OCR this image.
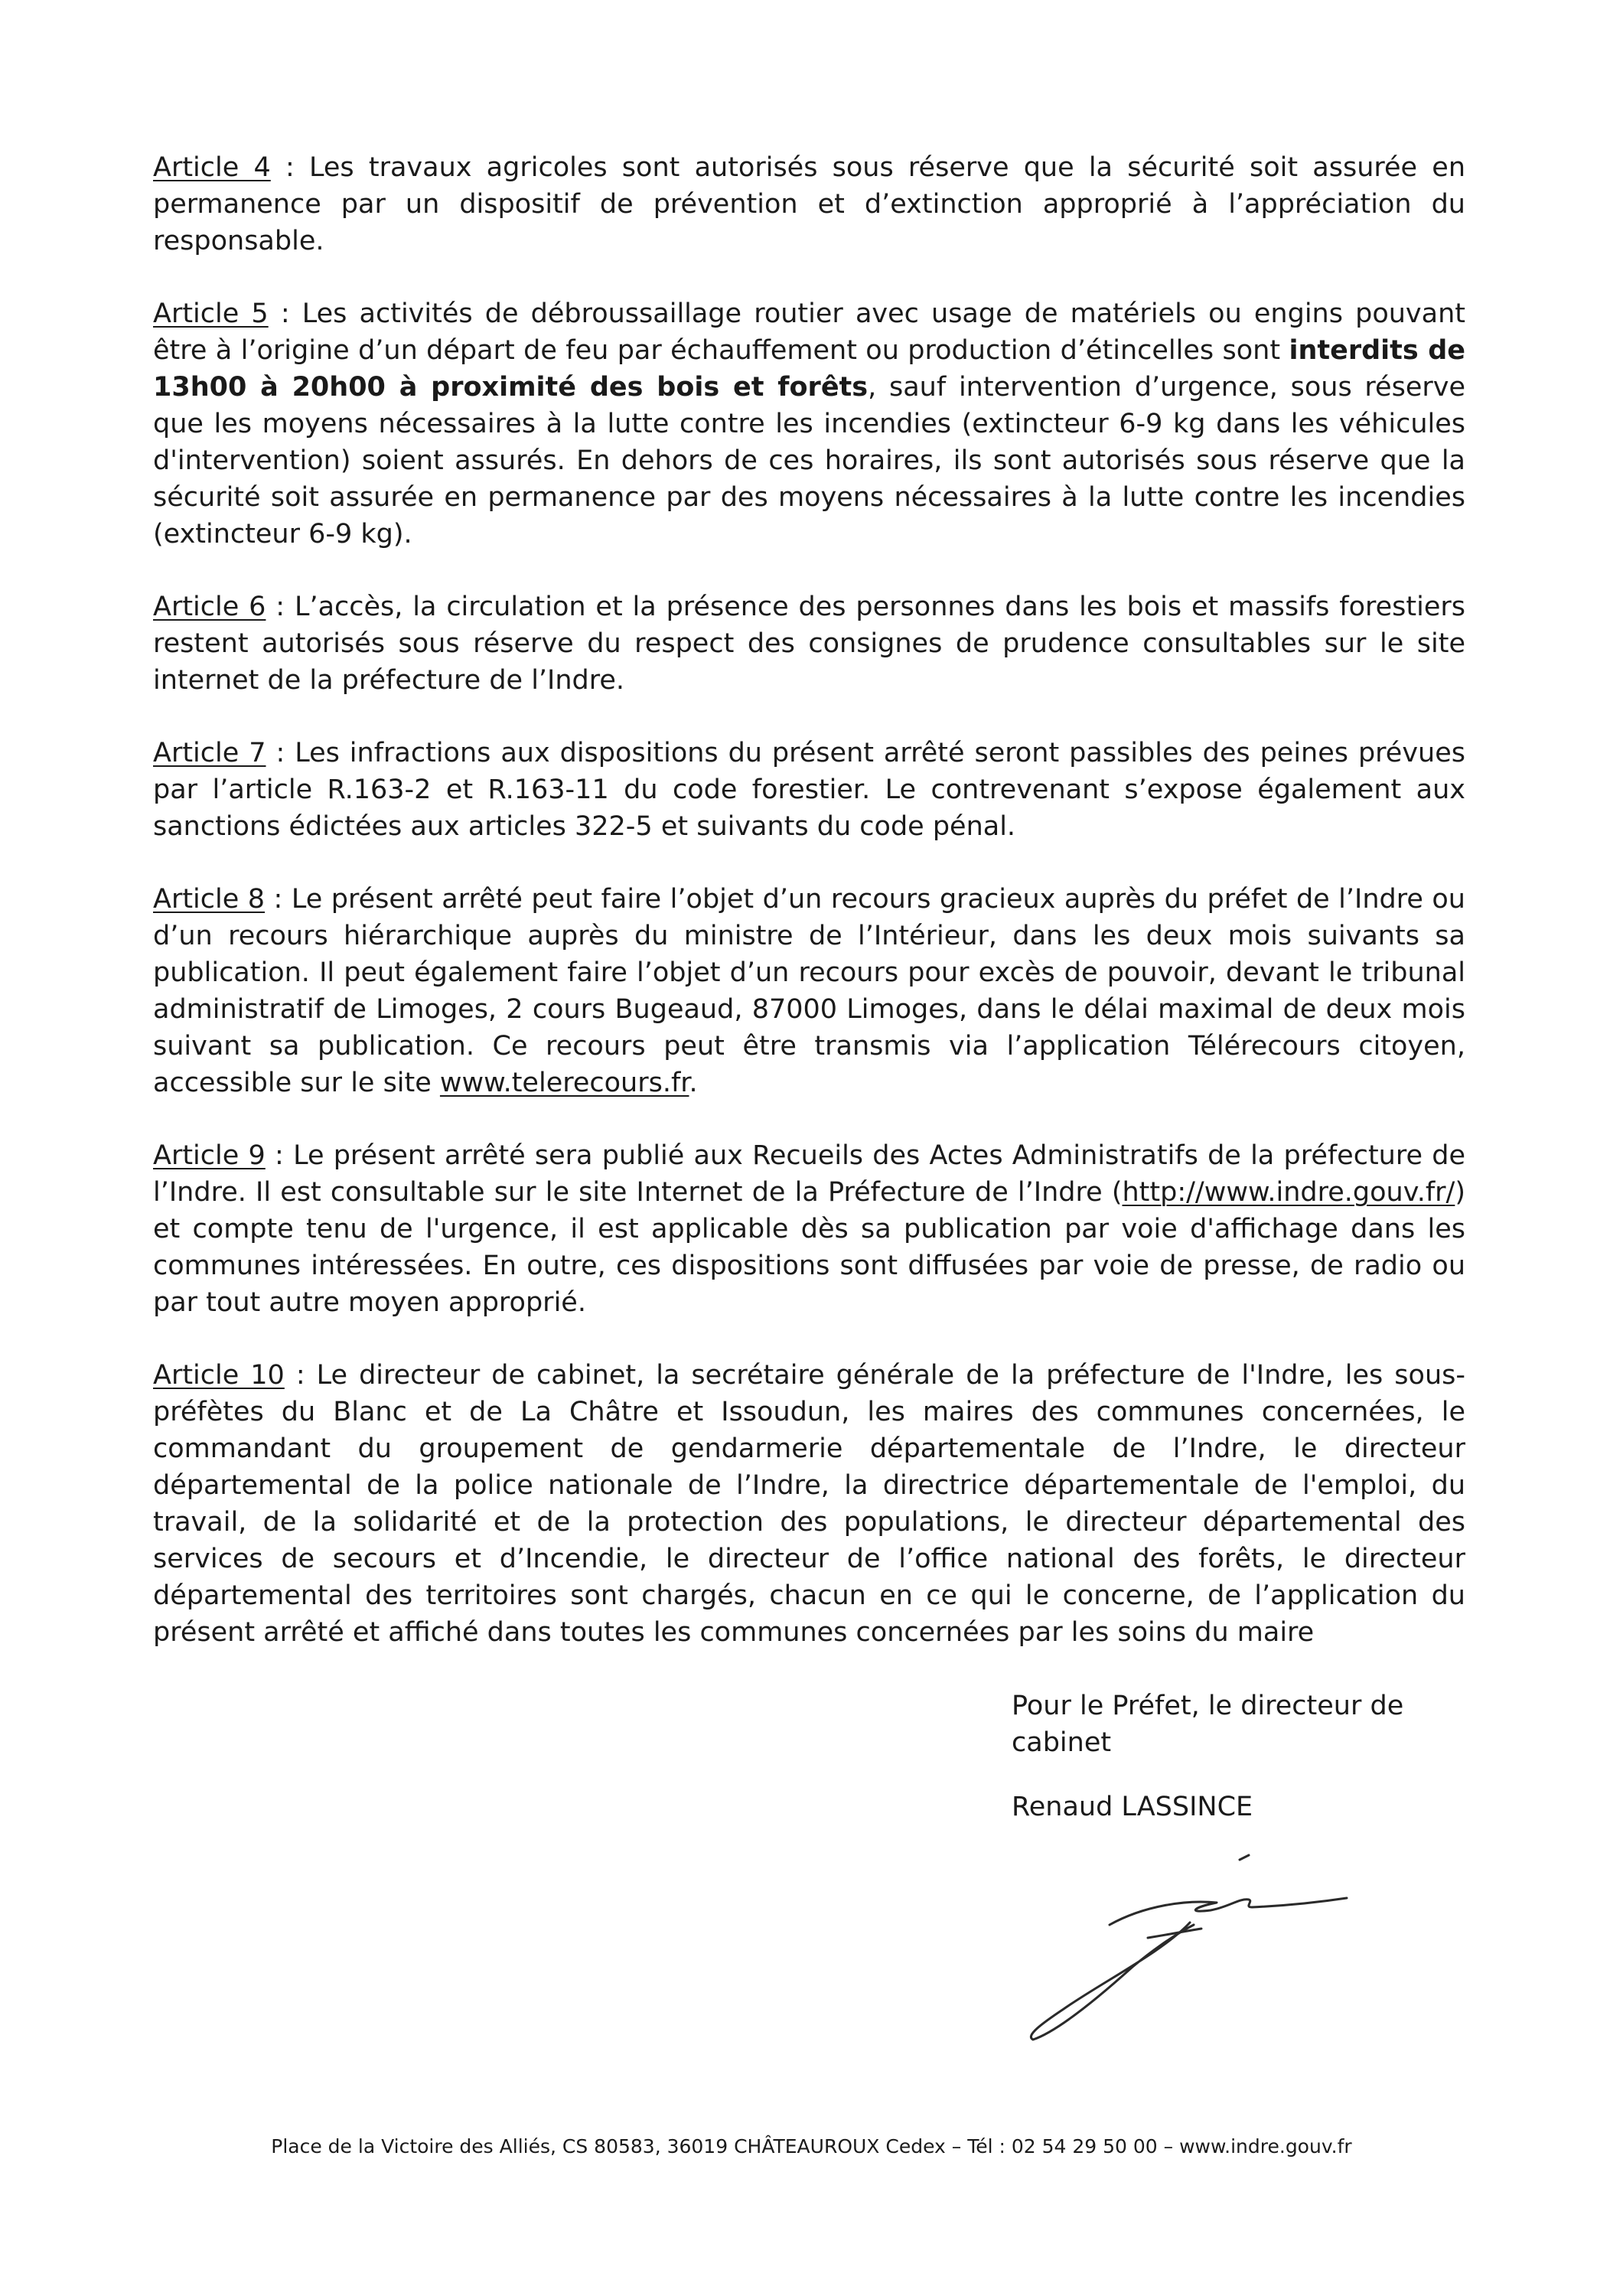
Article 4 : Les travaux agricoles sont autorisés sous réserve que la sécurité soit assurée en permanence par un dispositif de prévention et d’extinction approprié à l’appréciation du responsable.

Article 5 : Les activités de débroussaillage routier avec usage de matériels ou engins pouvant être à l’origine d’un départ de feu par échauffement ou production d’étincelles sont interdits de 13h00 à 20h00 à proximité des bois et forêts, sauf intervention d’urgence, sous réserve que les moyens nécessaires à la lutte contre les incendies (extincteur 6-9 kg dans les véhicules d'intervention) soient assurés. En dehors de ces horaires, ils sont autorisés sous réserve que la sécurité soit assurée en permanence par des moyens nécessaires à la lutte contre les incendies (extincteur 6-9 kg).

Article 6 : L’accès, la circulation et la présence des personnes dans les bois et massifs forestiers restent autorisés sous réserve du respect des consignes de prudence consultables sur le site internet de la préfecture de l’Indre.

Article 7 : Les infractions aux dispositions du présent arrêté seront passibles des peines prévues par l’article R.163-2 et R.163-11 du code forestier. Le contrevenant s’expose également aux sanctions édictées aux articles 322-5 et suivants du code pénal.

Article 8 : Le présent arrêté peut faire l’objet d’un recours gracieux auprès du préfet de l’Indre ou d’un recours hiérarchique auprès du ministre de l’Intérieur, dans les deux mois suivants sa publication. Il peut également faire l’objet d’un recours pour excès de pouvoir, devant le tribunal administratif de Limoges, 2 cours Bugeaud, 87000 Limoges, dans le délai maximal de deux mois suivant sa publication. Ce recours peut être transmis via l’application Télérecours citoyen, accessible sur le site www.telerecours.fr.

Article 9 : Le présent arrêté sera publié aux Recueils des Actes Administratifs de la préfecture de l’Indre. Il est consultable sur le site Internet de la Préfecture de l’Indre (http://www.indre.gouv.fr/) et compte tenu de l'urgence, il est applicable dès sa publication par voie d'affichage dans les communes intéressées. En outre, ces dispositions sont diffusées par voie de presse, de radio ou par tout autre moyen approprié.

Article 10 : Le directeur de cabinet, la secrétaire générale de la préfecture de l'Indre, les sous-préfètes du Blanc et de La Châtre et Issoudun, les maires des communes concernées, le commandant du groupement de gendarmerie départementale de l’Indre, le directeur départemental de la police nationale de l’Indre, la directrice départementale de l'emploi, du travail, de la solidarité et de la protection des populations, le directeur départemental des services de secours et d’Incendie, le directeur de l’office national des forêts, le directeur départemental des territoires sont chargés, chacun en ce qui le concerne, de l’application du présent arrêté et affiché dans toutes les communes concernées par les soins du maire

Pour le Préfet, le directeur de cabinet

Renaud LASSINCE

Place de la Victoire des Alliés, CS 80583, 36019 CHÂTEAUROUX Cedex – Tél : 02 54 29 50 00 – www.indre.gouv.fr
